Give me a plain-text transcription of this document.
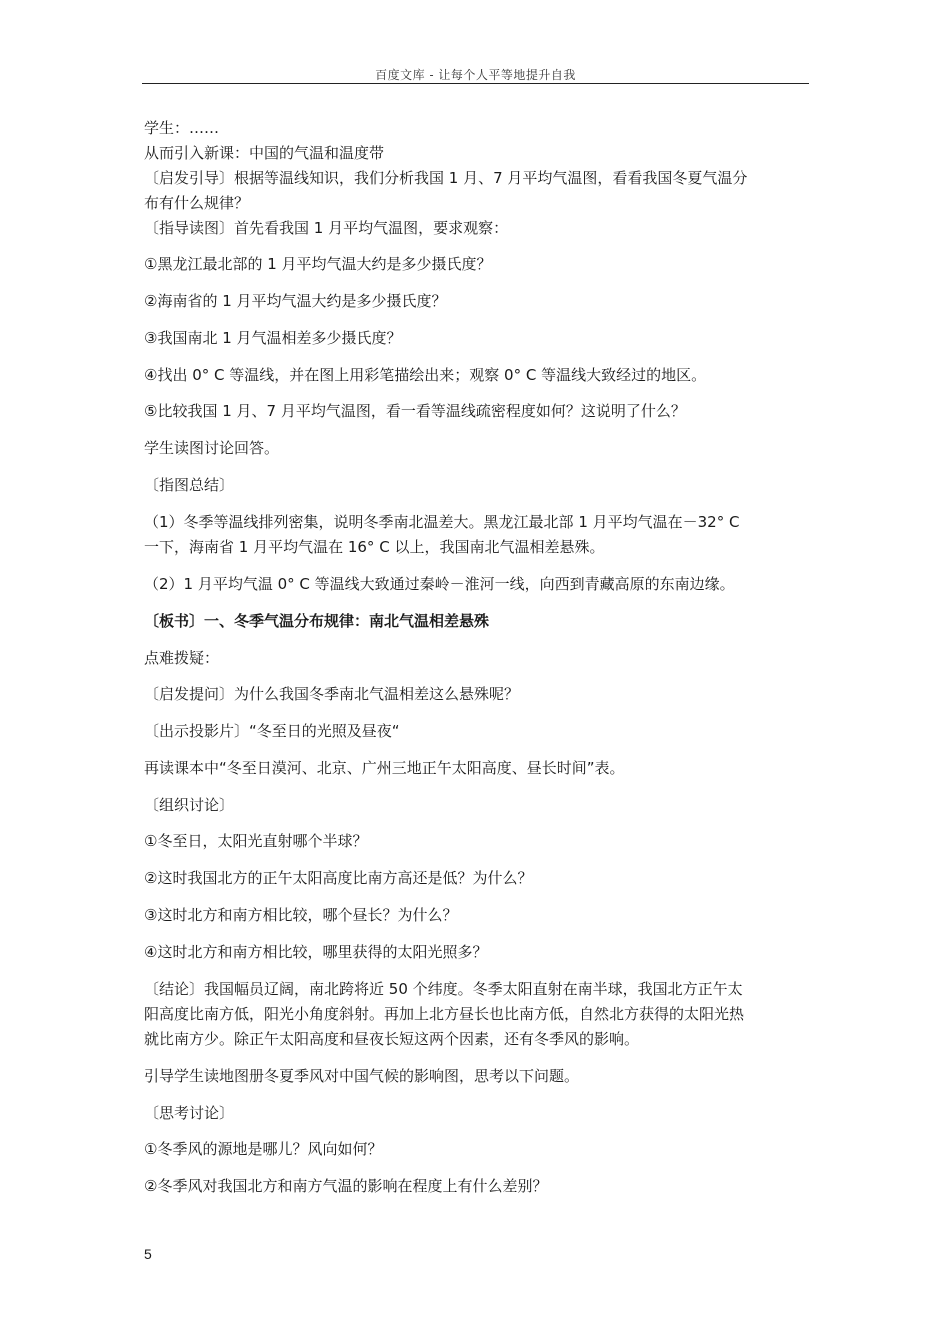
百度文库 - 让每个人平等地提升自我
学生：……
从而引入新课：中国的气温和温度带
〔启发引导〕根据等温线知识，我们分析我国 1 月、7 月平均气温图，看看我国冬夏气温分
布有什么规律？
〔指导读图〕首先看我国 1 月平均气温图，要求观察：
①黑龙江最北部的 1 月平均气温大约是多少摄氏度？
②海南省的 1 月平均气温大约是多少摄氏度？
③我国南北 1 月气温相差多少摄氏度？
④找出 0° C 等温线，并在图上用彩笔描绘出来；观察 0° C 等温线大致经过的地区。
⑤比较我国 1 月、7 月平均气温图，看一看等温线疏密程度如何？这说明了什么？
学生读图讨论回答。
〔指图总结〕
（1）冬季等温线排列密集，说明冬季南北温差大。黑龙江最北部 1 月平均气温在－32° C
一下，海南省 1 月平均气温在 16° C 以上，我国南北气温相差悬殊。
（2）1 月平均气温 0° C 等温线大致通过秦岭－淮河一线，向西到青藏高原的东南边缘。
〔板书〕一、冬季气温分布规律：南北气温相差悬殊
点难拨疑：
〔启发提问〕为什么我国冬季南北气温相差这么悬殊呢？
〔出示投影片〕“冬至日的光照及昼夜“
再读课本中“冬至日漠河、北京、广州三地正午太阳高度、昼长时间”表。
〔组织讨论〕
①冬至日，太阳光直射哪个半球？
②这时我国北方的正午太阳高度比南方高还是低？为什么？
③这时北方和南方相比较，哪个昼长？为什么？
④这时北方和南方相比较，哪里获得的太阳光照多？
〔结论〕我国幅员辽阔，南北跨将近 50 个纬度。冬季太阳直射在南半球，我国北方正午太
阳高度比南方低，阳光小角度斜射。再加上北方昼长也比南方低，自然北方获得的太阳光热
就比南方少。除正午太阳高度和昼夜长短这两个因素，还有冬季风的影响。
引导学生读地图册冬夏季风对中国气候的影响图，思考以下问题。
〔思考讨论〕
①冬季风的源地是哪儿？风向如何？
②冬季风对我国北方和南方气温的影响在程度上有什么差别？
5
